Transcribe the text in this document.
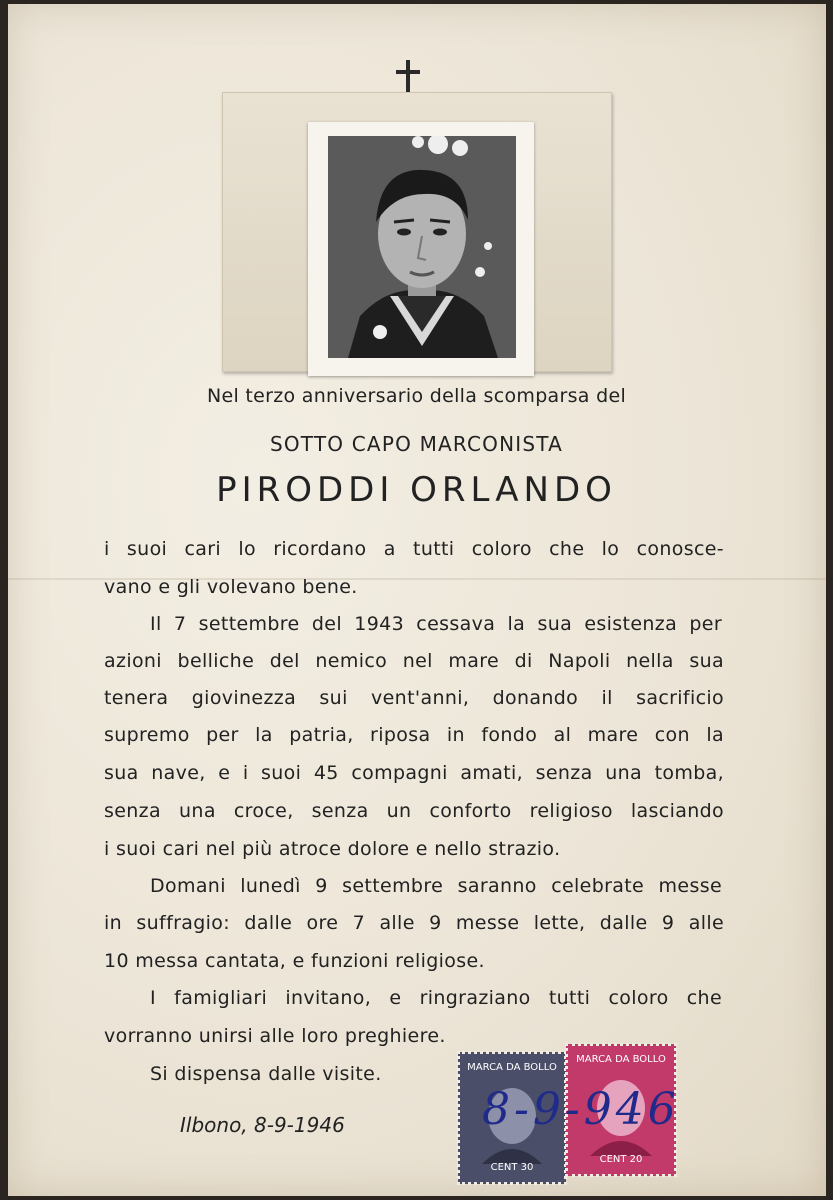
Nel terzo anniversario della scomparsa del

SOTTO CAPO MARCONISTA

PIRODDI ORLANDO

i suoi cari lo ricordano a tutti coloro che lo conosce-

vano e gli volevano bene.

Il 7 settembre del 1943 cessava la sua esistenza per

azioni belliche del nemico nel mare di Napoli nella sua

tenera giovinezza sui vent'anni, donando il sacrificio

supremo per la patria, riposa in fondo al mare con la

sua nave, e i suoi 45 compagni amati, senza una tomba,

senza una croce, senza un conforto religioso lasciando

i suoi cari nel più atroce dolore e nello strazio.

Domani lunedì 9 settembre saranno celebrate messe

in suffragio: dalle ore 7 alle 9 messe lette, dalle 9 alle

10 messa cantata, e funzioni religiose.

I famigliari invitano, e ringraziano tutti coloro che

vorranno unirsi alle loro preghiere.

Si dispensa dalle visite.

Ilbono, 8-9-1946

MARCA DA BOLLO
CENT 30
MARCA DA BOLLO
CENT 20

8-9-946
